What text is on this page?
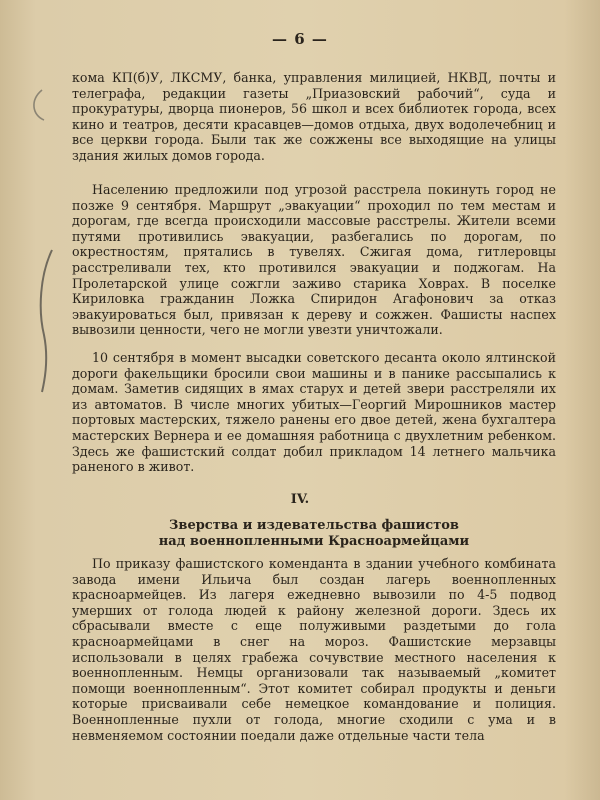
— 6 —

кома КП(б)У, ЛКСМУ, банка, управления милицией, НКВД, почты и телеграфа, редакции газеты „Приазовский рабочий“, суда и прокуратуры, дворца пионеров, 56 школ и всех библиотек города, всех кино и театров, десяти красавцев—домов отдыха, двух водолечебниц и все церкви города. Были так же сожжены все выходящие на улицы здания жилых домов города.

Населению предложили под угрозой расстрела покинуть город не позже 9 сентября. Маршрут „эвакуации“ проходил по тем местам и дорогам, где всегда происходили массовые расстрелы. Жители всеми путями противились эвакуации, разбегались по дорогам, по окрестностям, прятались в тувелях. Сжигая дома, гитлеровцы расстреливали тех, кто противился эвакуации и поджогам. На Пролетарской улице сожгли заживо старика Ховрах. В поселке Кириловка гражданин Ложка Спиридон Агафонович за отказ эвакуироваться был, привязан к дереву и сожжен. Фашисты наспех вывозили ценности, чего не могли увезти уничтожали.

10 сентября в момент высадки советского десанта около ялтинской дороги факельщики бросили свои машины и в панике рассыпались к домам. Заметив сидящих в ямах старух и детей звери расстреляли их из автоматов. В числе многих убитых—Георгий Мирошников мастер портовых мастерских, тяжело ранены его двое детей, жена бухгалтера мастерских Вернера и ее домашняя работница с двухлетним ребенком. Здесь же фашистский солдат добил прикладом 14 летнего мальчика раненого в живот.

IV.
Зверства и издевательства фашистов
над военнопленными Красноармейцами

По приказу фашистского коменданта в здании учебного комбината завода имени Ильича был создан лагерь военнопленных красноармейцев. Из лагеря ежедневно вывозили по 4-5 подвод умерших от голода людей к району железной дороги. Здесь их сбрасывали вместе с еще полуживыми раздетыми до гола красноармейцами в снег на мороз. Фашистские мерзавцы использовали в целях грабежа сочувствие местного населения к военнопленным. Немцы организовали так называемый „комитет помощи военнопленным“. Этот комитет собирал продукты и деньги которые присваивали себе немецкое командование и полиция. Военнопленные пухли от голода, многие сходили с ума и в невменяемом состоянии поедали даже отдельные части тела
